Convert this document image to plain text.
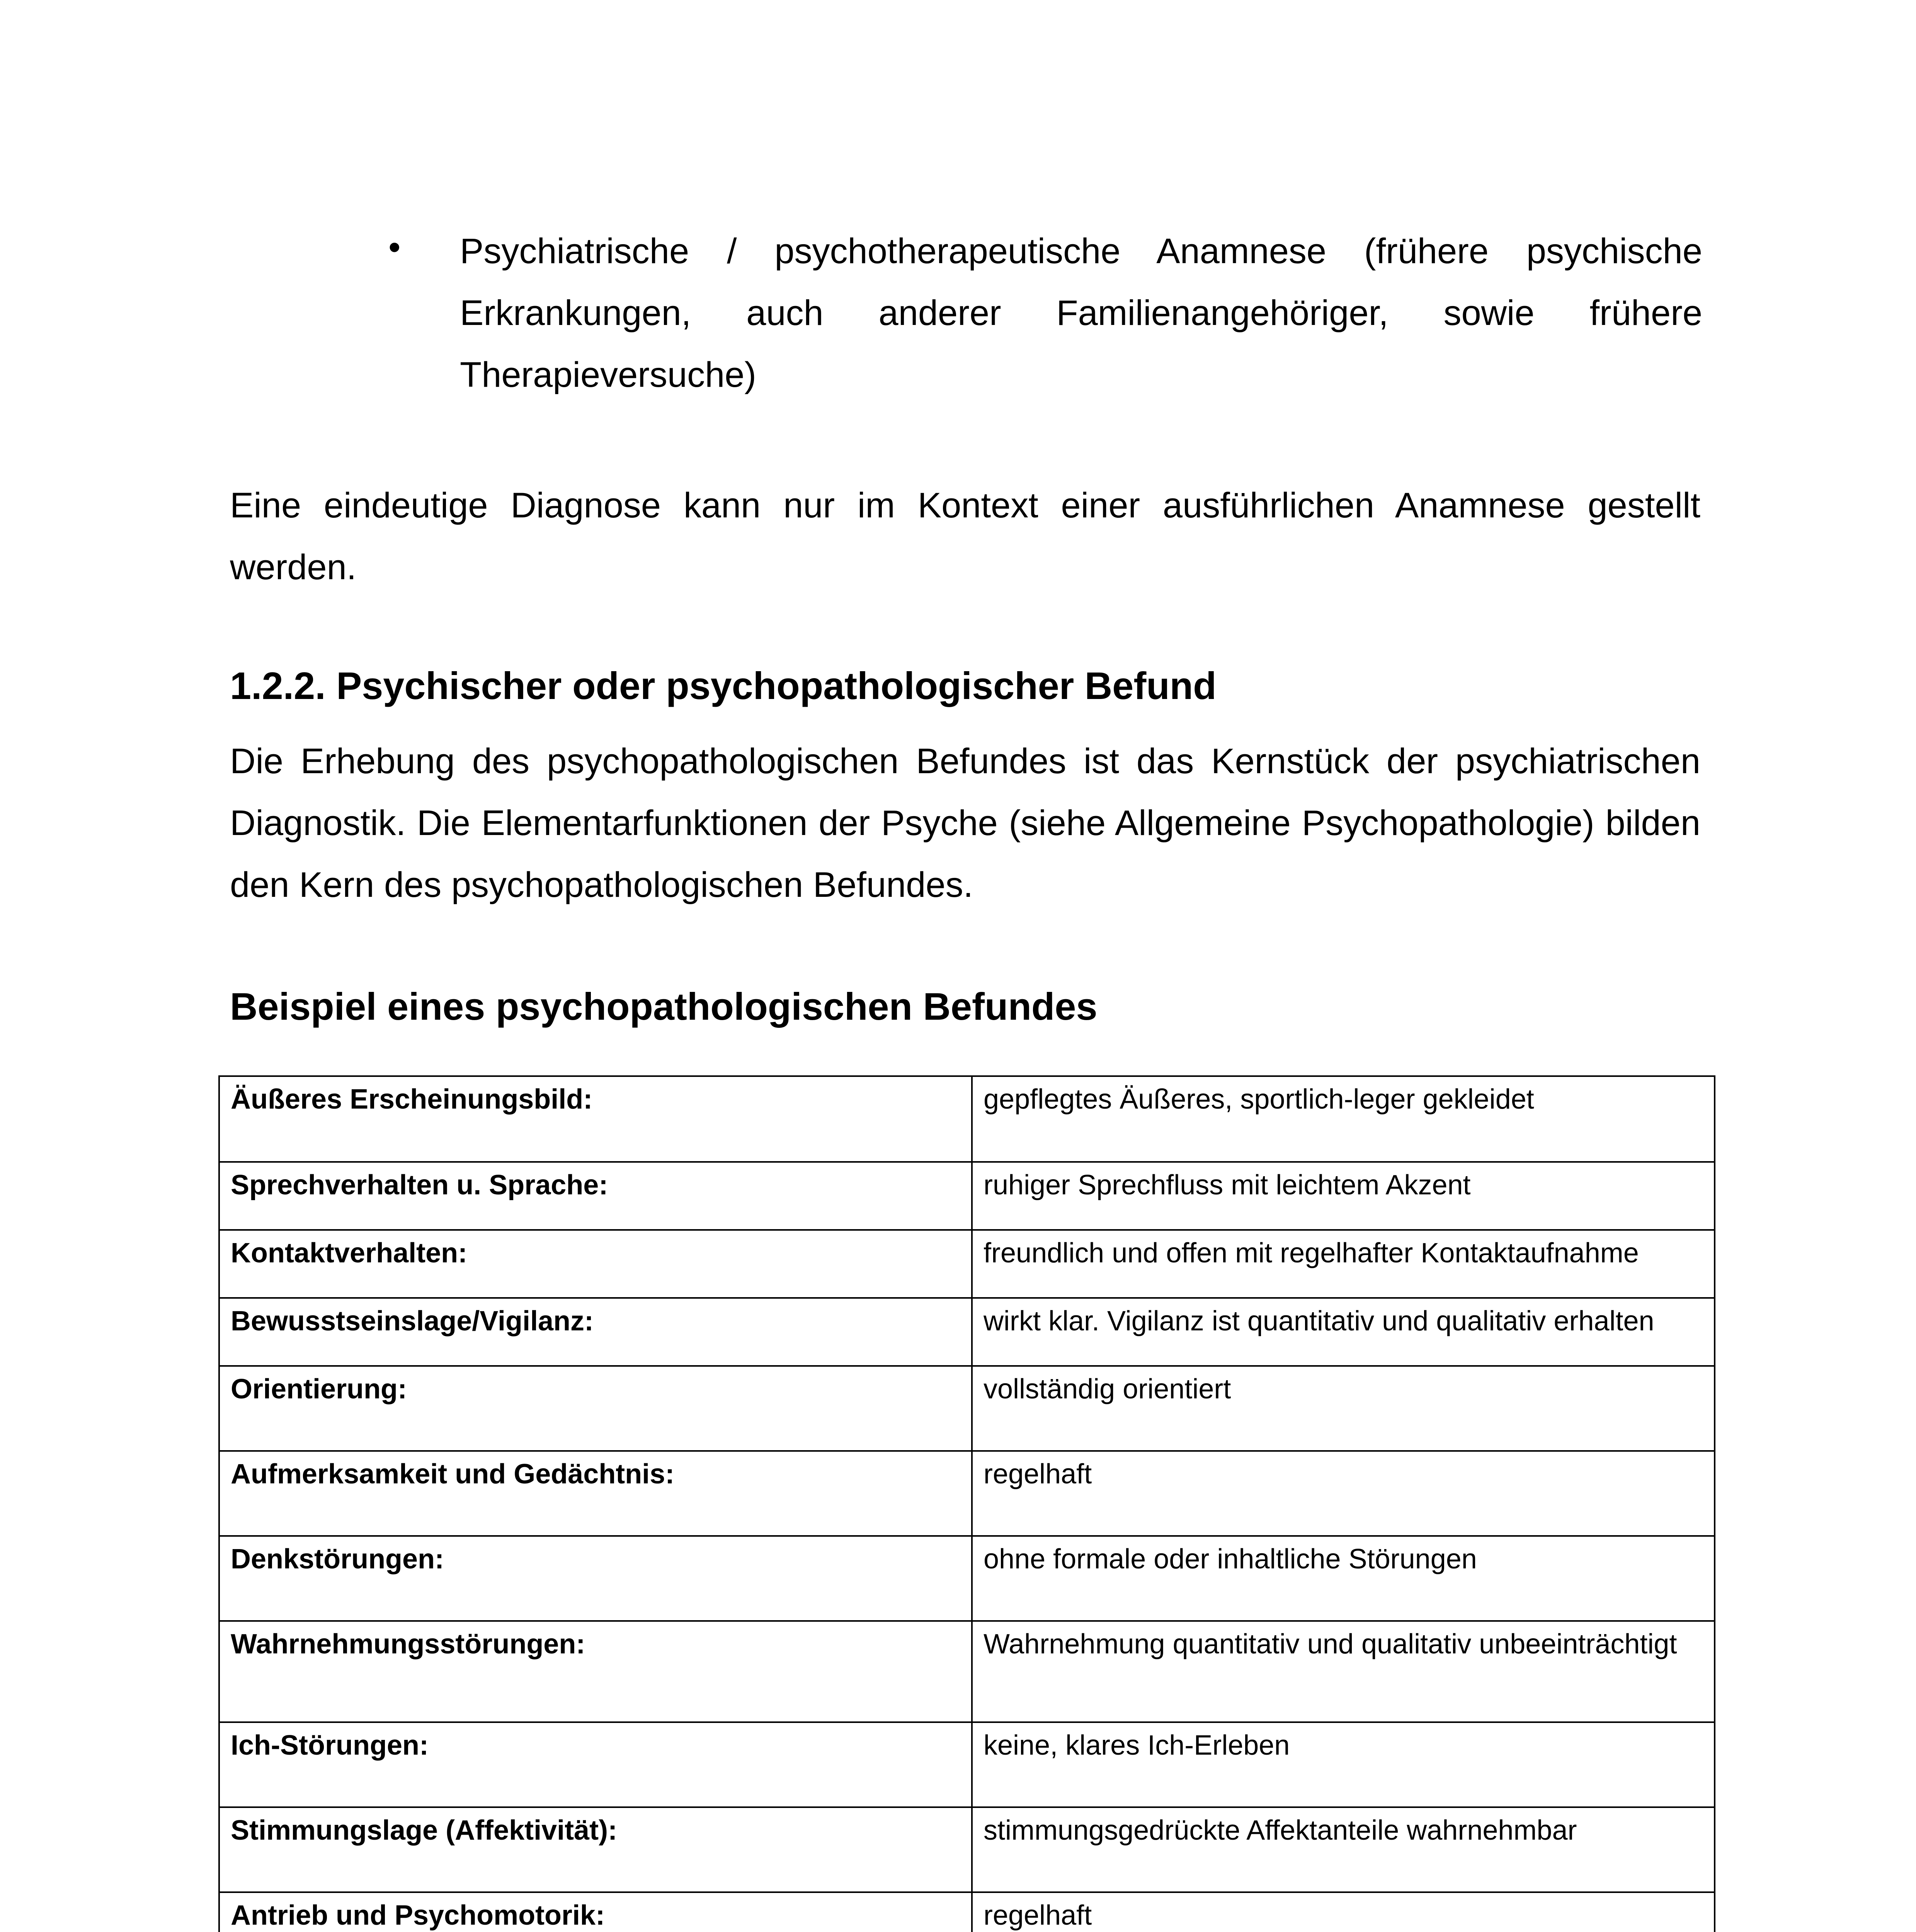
• Psychiatrische / psychotherapeutische Anamnese (frühere psychische Erkrankungen, auch anderer Familienangehöriger, sowie frühere Therapieversuche)

Eine eindeutige Diagnose kann nur im Kontext einer ausführlichen Anamnese gestellt werden.

1.2.2. Psychischer oder psychopathologischer Befund

Die Erhebung des psychopathologischen Befundes ist das Kernstück der psychiatrischen Diagnostik. Die Elementarfunktionen der Psyche (siehe Allgemeine Psychopathologie) bilden den Kern des psychopathologischen Befundes.

Beispiel eines psychopathologischen Befundes
Äußeres Erscheinungsbild:	gepflegtes Äußeres, sportlich-leger gekleidet
Sprechverhalten u. Sprache:	ruhiger Sprechfluss mit leichtem Akzent
Kontaktverhalten:	freundlich und offen mit regelhafter Kontaktaufnahme
Bewusstseinslage/Vigilanz:	wirkt klar. Vigilanz ist quantitativ und qualitativ erhalten
Orientierung:	vollständig orientiert
Aufmerksamkeit und Gedächtnis:	regelhaft
Denkstörungen:	ohne formale oder inhaltliche Störungen
Wahrnehmungsstörungen:	Wahrnehmung quantitativ und qualitativ unbeeinträchtigt
Ich-Störungen:	keine, klares Ich-Erleben
Stimmungslage (Affektivität):	stimmungsgedrückte Affektanteile wahrnehmbar
Antrieb und Psychomotorik:	regelhaft
